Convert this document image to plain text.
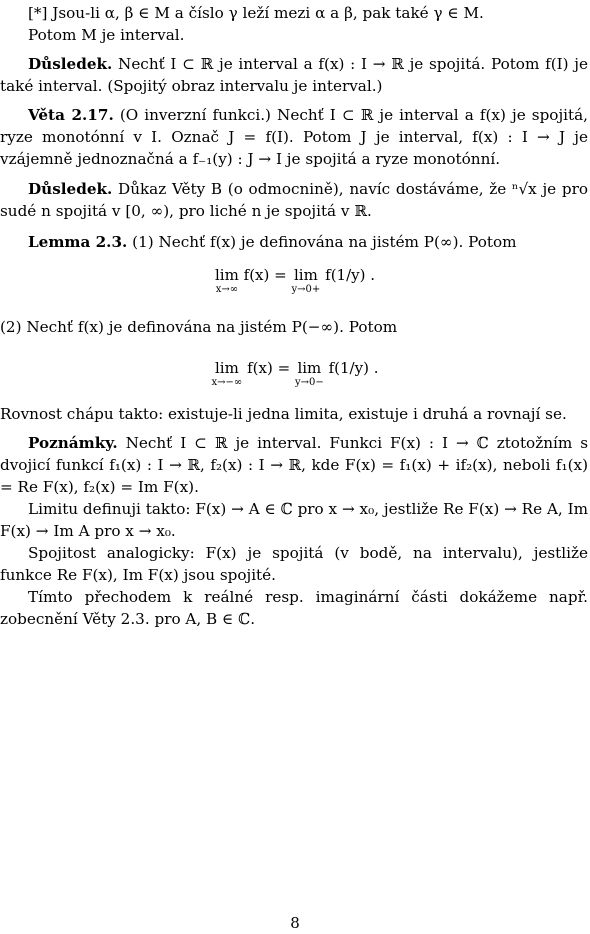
[*] Jsou-li α, β ∈ M a číslo γ leží mezi α a β, pak také γ ∈ M.

Potom M je interval.

Důsledek. Nechť I ⊂ ℝ je interval a f(x) : I → ℝ je spojitá. Potom f(I) je také interval. (Spojitý obraz intervalu je interval.)

Věta 2.17. (O inverzní funkci.) Nechť I ⊂ ℝ je interval a f(x) je spojitá, ryze monotónní v I. Označ J = f(I). Potom J je interval, f(x) : I → J je vzájemně jednoznačná a f₋₁(y) : J → I je spojitá a ryze monotónní.

Důsledek. Důkaz Věty B (o odmocnině), navíc dostáváme, že ⁿ√x je pro sudé n spojitá v [0, ∞), pro liché n je spojitá v ℝ.

Lemma 2.3. (1) Nechť f(x) je definována na jistém P(∞). Potom

lim
x→∞
f(x) = lim
y→0+
f(1/y) .

(2) Nechť f(x) je definována na jistém P(−∞). Potom

lim
x→−∞
f(x) = lim
y→0−
f(1/y) .

Rovnost chápu takto: existuje-li jedna limita, existuje i druhá a rovnají se.

Poznámky. Nechť I ⊂ ℝ je interval. Funkci F(x) : I → ℂ ztotožním s dvojicí funkcí f₁(x) : I → ℝ, f₂(x) : I → ℝ, kde F(x) = f₁(x) + if₂(x), neboli f₁(x) = Re F(x), f₂(x) = Im F(x).

Limitu definuji takto: F(x) → A ∈ ℂ pro x → x₀, jestliže Re F(x) → Re A, Im F(x) → Im A pro x → x₀.

Spojitost analogicky: F(x) je spojitá (v bodě, na intervalu), jestliže funkce Re F(x), Im F(x) jsou spojité.

Tímto přechodem k reálné resp. imaginární části dokážeme např. zobecnění Věty 2.3. pro A, B ∈ ℂ.

8
